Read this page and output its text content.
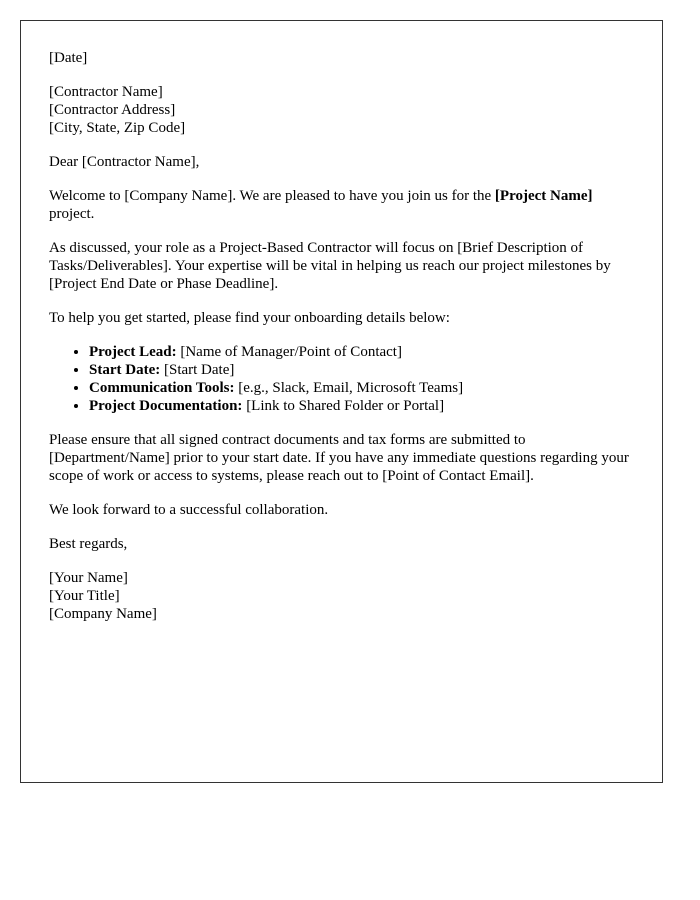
[Date]

[Contractor Name]
[Contractor Address]
[City, State, Zip Code]

Dear [Contractor Name],

Welcome to [Company Name]. We are pleased to have you join us for the [Project Name] project.

As discussed, your role as a Project-Based Contractor will focus on [Brief Description of Tasks/Deliverables]. Your expertise will be vital in helping us reach our project milestones by [Project End Date or Phase Deadline].

To help you get started, please find your onboarding details below:

• Project Lead: [Name of Manager/Point of Contact]
• Start Date: [Start Date]
• Communication Tools: [e.g., Slack, Email, Microsoft Teams]
• Project Documentation: [Link to Shared Folder or Portal]

Please ensure that all signed contract documents and tax forms are submitted to [Department/Name] prior to your start date. If you have any immediate questions regarding your scope of work or access to systems, please reach out to [Point of Contact Email].

We look forward to a successful collaboration.

Best regards,

[Your Name]
[Your Title]
[Company Name]
